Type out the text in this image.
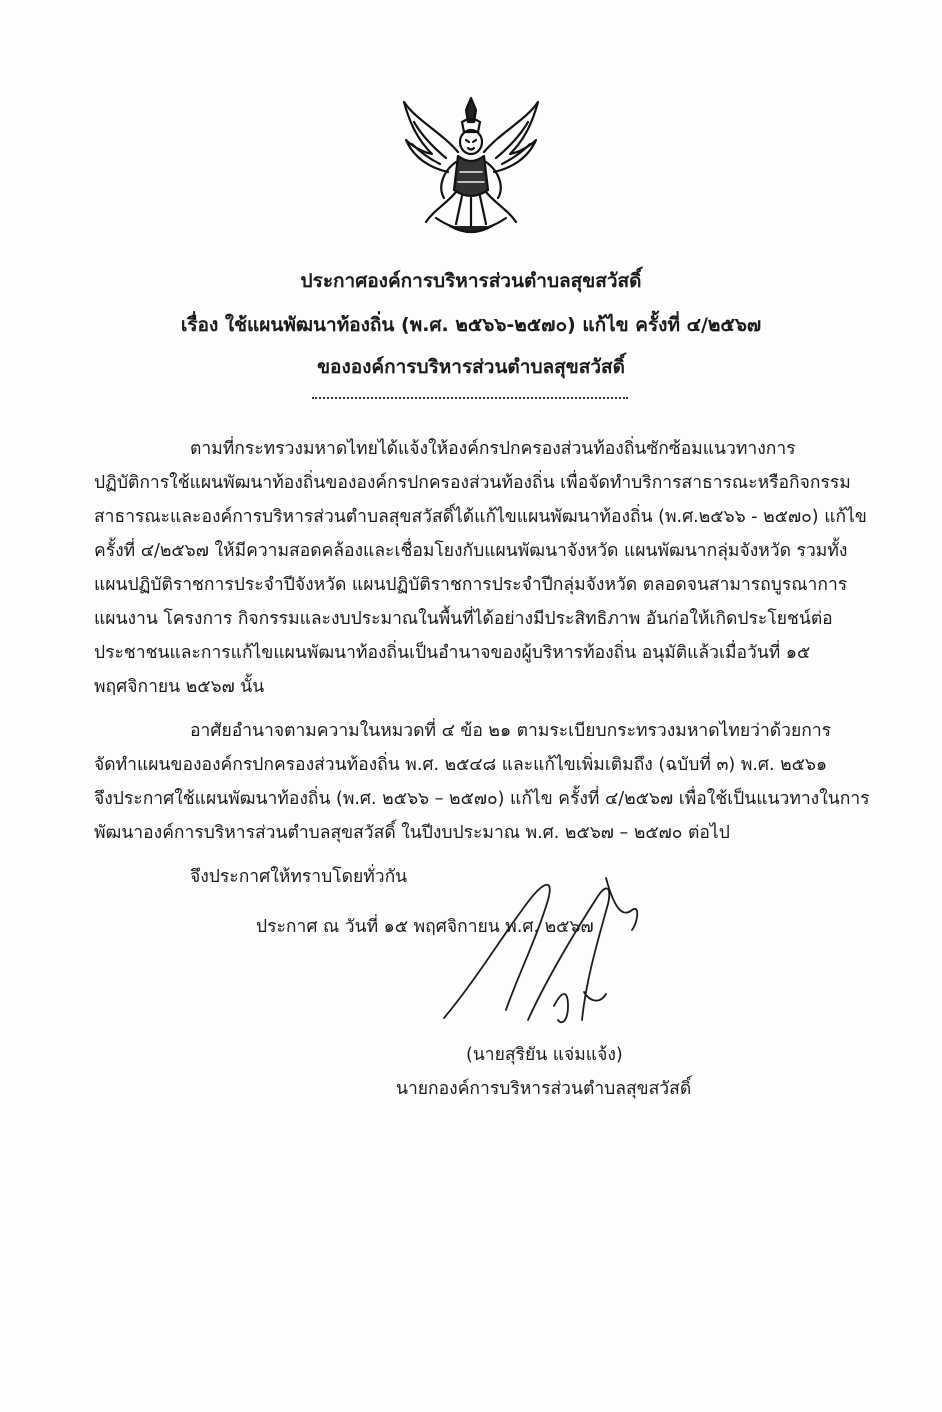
ประกาศองค์การบริหารส่วนตำบลสุขสวัสดิ์
เรื่อง ใช้แผนพัฒนาท้องถิ่น (พ.ศ. ๒๕๖๖-๒๕๗๐) แก้ไข ครั้งที่ ๔/๒๕๖๗
ขององค์การบริหารส่วนตำบลสุขสวัสดิ์
ตามที่กระทรวงมหาดไทยได้แจ้งให้องค์กรปกครองส่วนท้องถิ่นซักซ้อมแนวทางการ
ปฏิบัติการใช้แผนพัฒนาท้องถิ่นขององค์กรปกครองส่วนท้องถิ่น เพื่อจัดทำบริการสาธารณะหรือกิจกรรม
สาธารณะและองค์การบริหารส่วนตำบลสุขสวัสดิ์ได้แก้ไขแผนพัฒนาท้องถิ่น (พ.ศ.๒๕๖๖ - ๒๕๗๐) แก้ไข
ครั้งที่ ๔/๒๕๖๗ ให้มีความสอดคล้องและเชื่อมโยงกับแผนพัฒนาจังหวัด แผนพัฒนากลุ่มจังหวัด รวมทั้ง
แผนปฏิบัติราชการประจำปีจังหวัด แผนปฏิบัติราชการประจำปีกลุ่มจังหวัด ตลอดจนสามารถบูรณาการ
แผนงาน โครงการ กิจกรรมและงบประมาณในพื้นที่ได้อย่างมีประสิทธิภาพ อันก่อให้เกิดประโยชน์ต่อ
ประชาชนและการแก้ไขแผนพัฒนาท้องถิ่นเป็นอำนาจของผู้บริหารท้องถิ่น อนุมัติแล้วเมื่อวันที่ ๑๕
พฤศจิกายน ๒๕๖๗ นั้น
อาศัยอำนาจตามความในหมวดที่ ๔ ข้อ ๒๑ ตามระเบียบกระทรวงมหาดไทยว่าด้วยการ
จัดทำแผนขององค์กรปกครองส่วนท้องถิ่น พ.ศ. ๒๕๔๘ และแก้ไขเพิ่มเติมถึง (ฉบับที่ ๓) พ.ศ. ๒๕๖๑
จึงประกาศใช้แผนพัฒนาท้องถิ่น (พ.ศ. ๒๕๖๖ – ๒๕๗๐) แก้ไข ครั้งที่ ๔/๒๕๖๗ เพื่อใช้เป็นแนวทางในการ
พัฒนาองค์การบริหารส่วนตำบลสุขสวัสดิ์ ในปีงบประมาณ พ.ศ. ๒๕๖๗ – ๒๕๗๐ ต่อไป
จึงประกาศให้ทราบโดยทั่วกัน
ประกาศ ณ วันที่ ๑๕ พฤศจิกายน พ.ศ. ๒๕๖๗
(นายสุริยัน แจ่มแจ้ง)
นายกองค์การบริหารส่วนตำบลสุขสวัสดิ์
